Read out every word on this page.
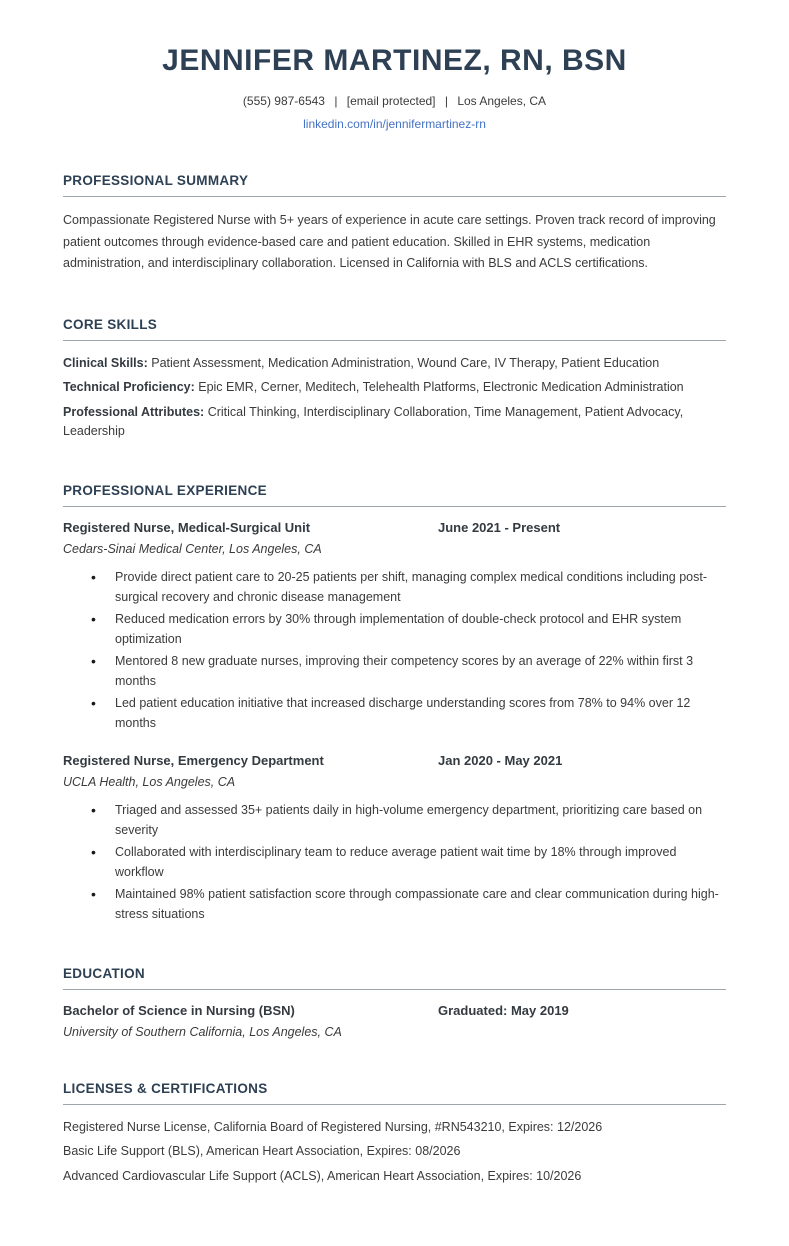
JENNIFER MARTINEZ, RN, BSN

(555) 987-6543 | [email protected] | Los Angeles, CA

linkedin.com/in/jennifermartinez-rn

PROFESSIONAL SUMMARY

Compassionate Registered Nurse with 5+ years of experience in acute care settings. Proven track record of improving patient outcomes through evidence-based care and patient education. Skilled in EHR systems, medication administration, and interdisciplinary collaboration. Licensed in California with BLS and ACLS certifications.

CORE SKILLS

Clinical Skills: Patient Assessment, Medication Administration, Wound Care, IV Therapy, Patient Education

Technical Proficiency: Epic EMR, Cerner, Meditech, Telehealth Platforms, Electronic Medication Administration

Professional Attributes: Critical Thinking, Interdisciplinary Collaboration, Time Management, Patient Advocacy, Leadership

PROFESSIONAL EXPERIENCE
Registered Nurse, Medical-Surgical Unit	June 2021 - Present

Cedars-Sinai Medical Center, Los Angeles, CA

• Provide direct patient care to 20-25 patients per shift, managing complex medical conditions including post-surgical recovery and chronic disease management
• Reduced medication errors by 30% through implementation of double-check protocol and EHR system optimization
• Mentored 8 new graduate nurses, improving their competency scores by an average of 22% within first 3 months
• Led patient education initiative that increased discharge understanding scores from 78% to 94% over 12 months
Registered Nurse, Emergency Department	Jan 2020 - May 2021

UCLA Health, Los Angeles, CA

• Triaged and assessed 35+ patients daily in high-volume emergency department, prioritizing care based on severity
• Collaborated with interdisciplinary team to reduce average patient wait time by 18% through improved workflow
• Maintained 98% patient satisfaction score through compassionate care and clear communication during high-stress situations
EDUCATION
Bachelor of Science in Nursing (BSN)	Graduated: May 2019

University of Southern California, Los Angeles, CA

LICENSES & CERTIFICATIONS

Registered Nurse License, California Board of Registered Nursing, #RN543210, Expires: 12/2026

Basic Life Support (BLS), American Heart Association, Expires: 08/2026

Advanced Cardiovascular Life Support (ACLS), American Heart Association, Expires: 10/2026
